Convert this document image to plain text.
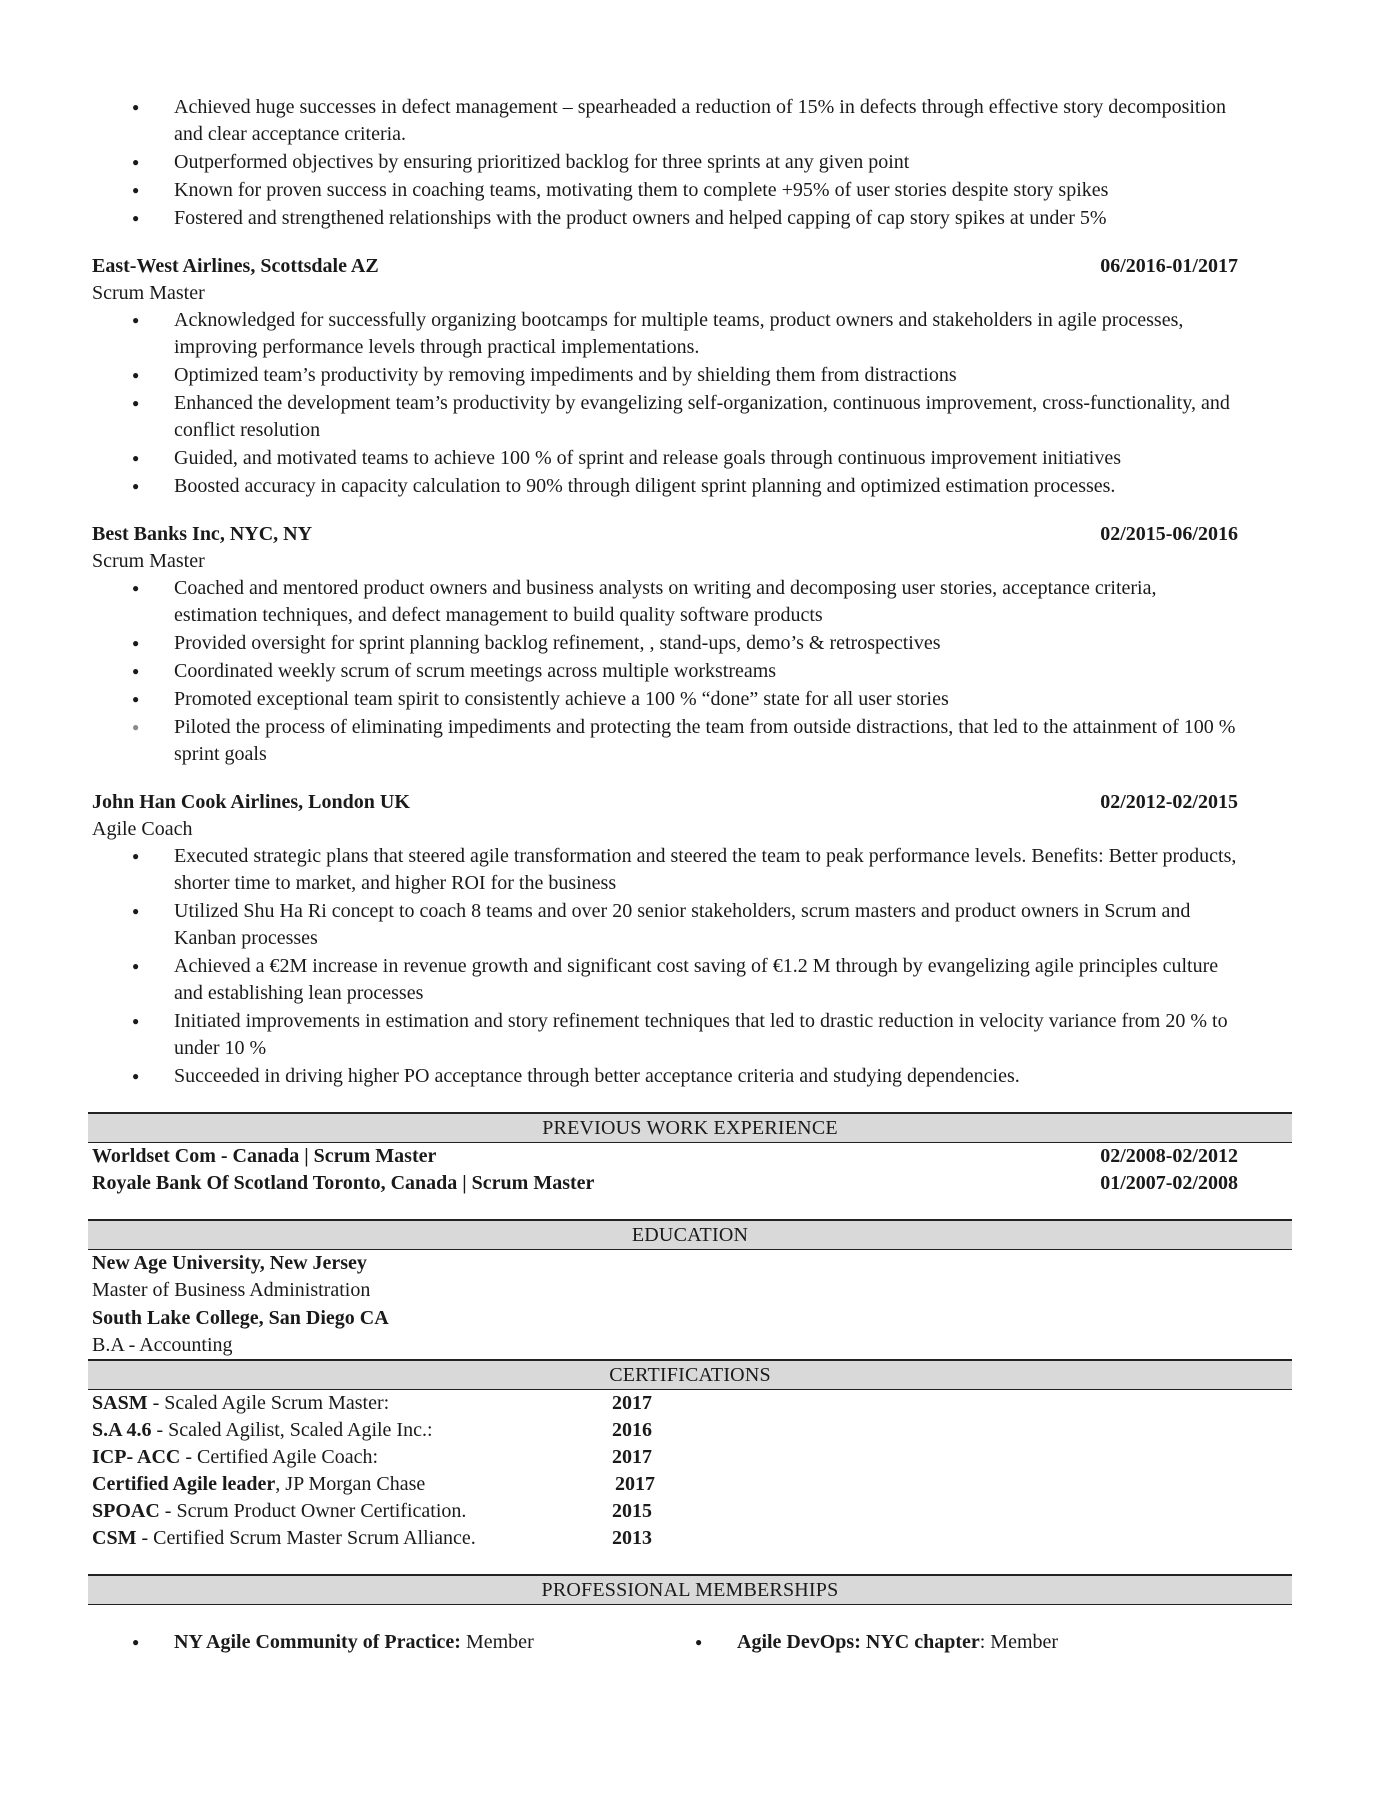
● Achieved huge successes in defect management – spearheaded a reduction of 15% in defects through effective story decomposition and clear acceptance criteria.
● Outperformed objectives by ensuring prioritized backlog for three sprints at any given point
● Known for proven success in coaching teams, motivating them to complete +95% of user stories despite story spikes
● Fostered and strengthened relationships with the product owners and helped capping of cap story spikes at under 5%
East-West Airlines, Scottsdale AZ	06/2016-01/2017
Scrum Master
● Acknowledged for successfully organizing bootcamps for multiple teams, product owners and stakeholders in agile processes, improving performance levels through practical implementations.
● Optimized team’s productivity by removing impediments and by shielding them from distractions
● Enhanced the development team’s productivity by evangelizing self-organization, continuous improvement, cross-functionality, and conflict resolution
● Guided, and motivated teams to achieve 100 % of sprint and release goals through continuous improvement initiatives
● Boosted accuracy in capacity calculation to 90% through diligent sprint planning and optimized estimation processes.
Best Banks Inc, NYC, NY	02/2015-06/2016
Scrum Master
● Coached and mentored product owners and business analysts on writing and decomposing user stories, acceptance criteria, estimation techniques, and defect management to build quality software products
● Provided oversight for sprint planning backlog refinement, , stand-ups, demo’s & retrospectives
● Coordinated weekly scrum of scrum meetings across multiple workstreams
● Promoted exceptional team spirit to consistently achieve a 100 % “done” state for all user stories
● Piloted the process of eliminating impediments and protecting the team from outside distractions, that led to the attainment of 100 % sprint goals
John Han Cook Airlines, London UK	02/2012-02/2015
Agile Coach
● Executed strategic plans that steered agile transformation and steered the team to peak performance levels. Benefits: Better products, shorter time to market, and higher ROI for the business
● Utilized Shu Ha Ri concept to coach 8 teams and over 20 senior stakeholders, scrum masters and product owners in Scrum and Kanban processes
● Achieved a €2M increase in revenue growth and significant cost saving of €1.2 M through by evangelizing agile principles culture and establishing lean processes
● Initiated improvements in estimation and story refinement techniques that led to drastic reduction in velocity variance from 20 % to under 10 %
● Succeeded in driving higher PO acceptance through better acceptance criteria and studying dependencies.
PREVIOUS WORK EXPERIENCE
Worldset Com - Canada | Scrum Master	02/2008-02/2012
Royale Bank Of Scotland Toronto, Canada | Scrum Master	01/2007-02/2008
EDUCATION
New Age University, New Jersey
Master of Business Administration
South Lake College, San Diego CA
B.A - Accounting
CERTIFICATIONS
SASM - Scaled Agile Scrum Master:	2017
S.A 4.6 - Scaled Agilist, Scaled Agile Inc.:	2016
ICP- ACC - Certified Agile Coach:	2017
Certified Agile leader, JP Morgan Chase	2017
SPOAC - Scrum Product Owner Certification.	2015
CSM - Certified Scrum Master Scrum Alliance.	2013
PROFESSIONAL MEMBERSHIPS
● NY Agile Community of Practice: Member	● Agile DevOps: NYC chapter: Member
